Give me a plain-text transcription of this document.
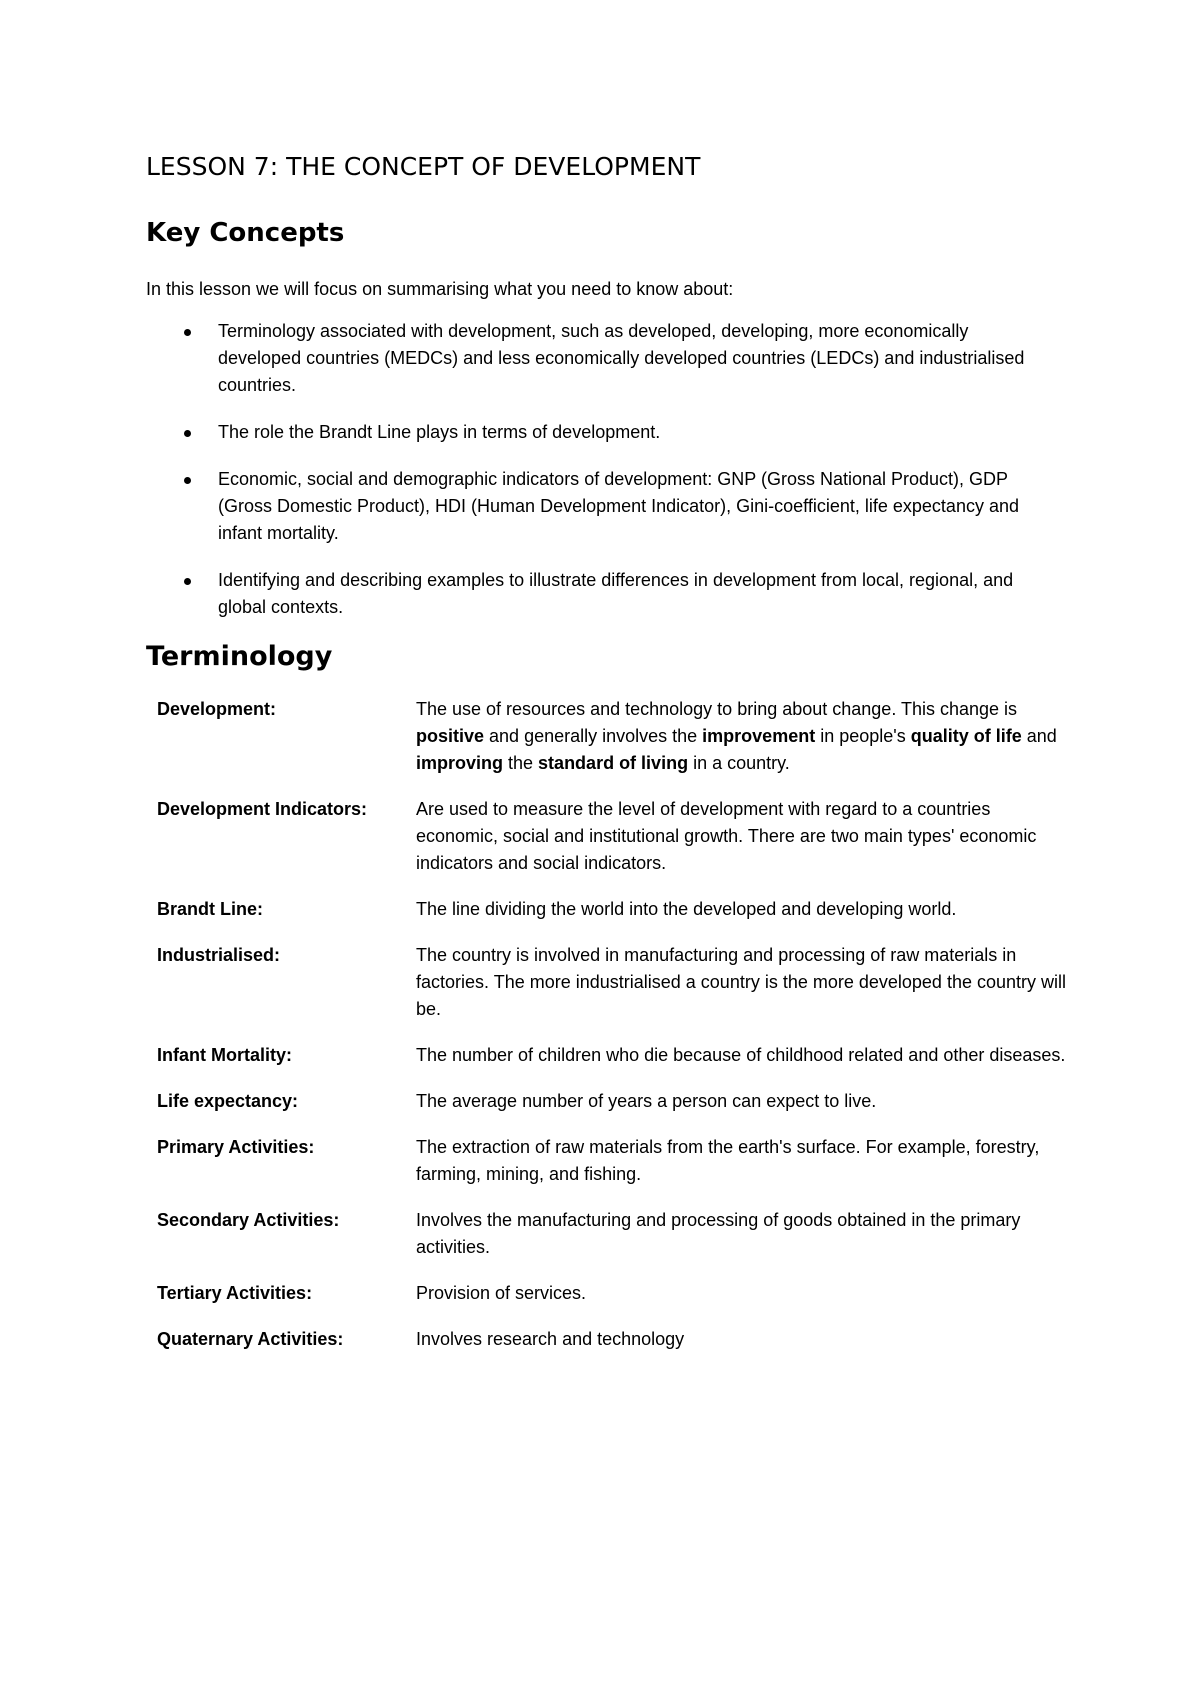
LESSON 7: THE CONCEPT OF DEVELOPMENT
Key Concepts

In this lesson we will focus on summarising what you need to know about:

Terminology associated with development, such as developed, developing, more economically developed countries (MEDCs) and less economically developed countries (LEDCs) and industrialised countries.
The role the Brandt Line plays in terms of development.
Economic, social and demographic indicators of development: GNP (Gross National Product), GDP (Gross Domestic Product), HDI (Human Development Indicator), Gini-coefficient, life expectancy and infant mortality.
Identifying and describing examples to illustrate differences in development from local, regional, and global contexts.
Terminology
Development:	The use of resources and technology to bring about change. This change is positive and generally involves the improvement in people's quality of life and improving the standard of living in a country.
Development Indicators:	Are used to measure the level of development with regard to a countries economic, social and institutional growth. There are two main types' economic indicators and social indicators.
Brandt Line:	The line dividing the world into the developed and developing world.
Industrialised:	The country is involved in manufacturing and processing of raw materials in factories. The more industrialised a country is the more developed the country will be.
Infant Mortality:	The number of children who die because of childhood related and other diseases.
Life expectancy:	The average number of years a person can expect to live.
Primary Activities:	The extraction of raw materials from the earth's surface. For example, forestry, farming, mining, and fishing.
Secondary Activities:	Involves the manufacturing and processing of goods obtained in the primary activities.
Tertiary Activities:	Provision of services.
Quaternary Activities:	Involves research and technology
